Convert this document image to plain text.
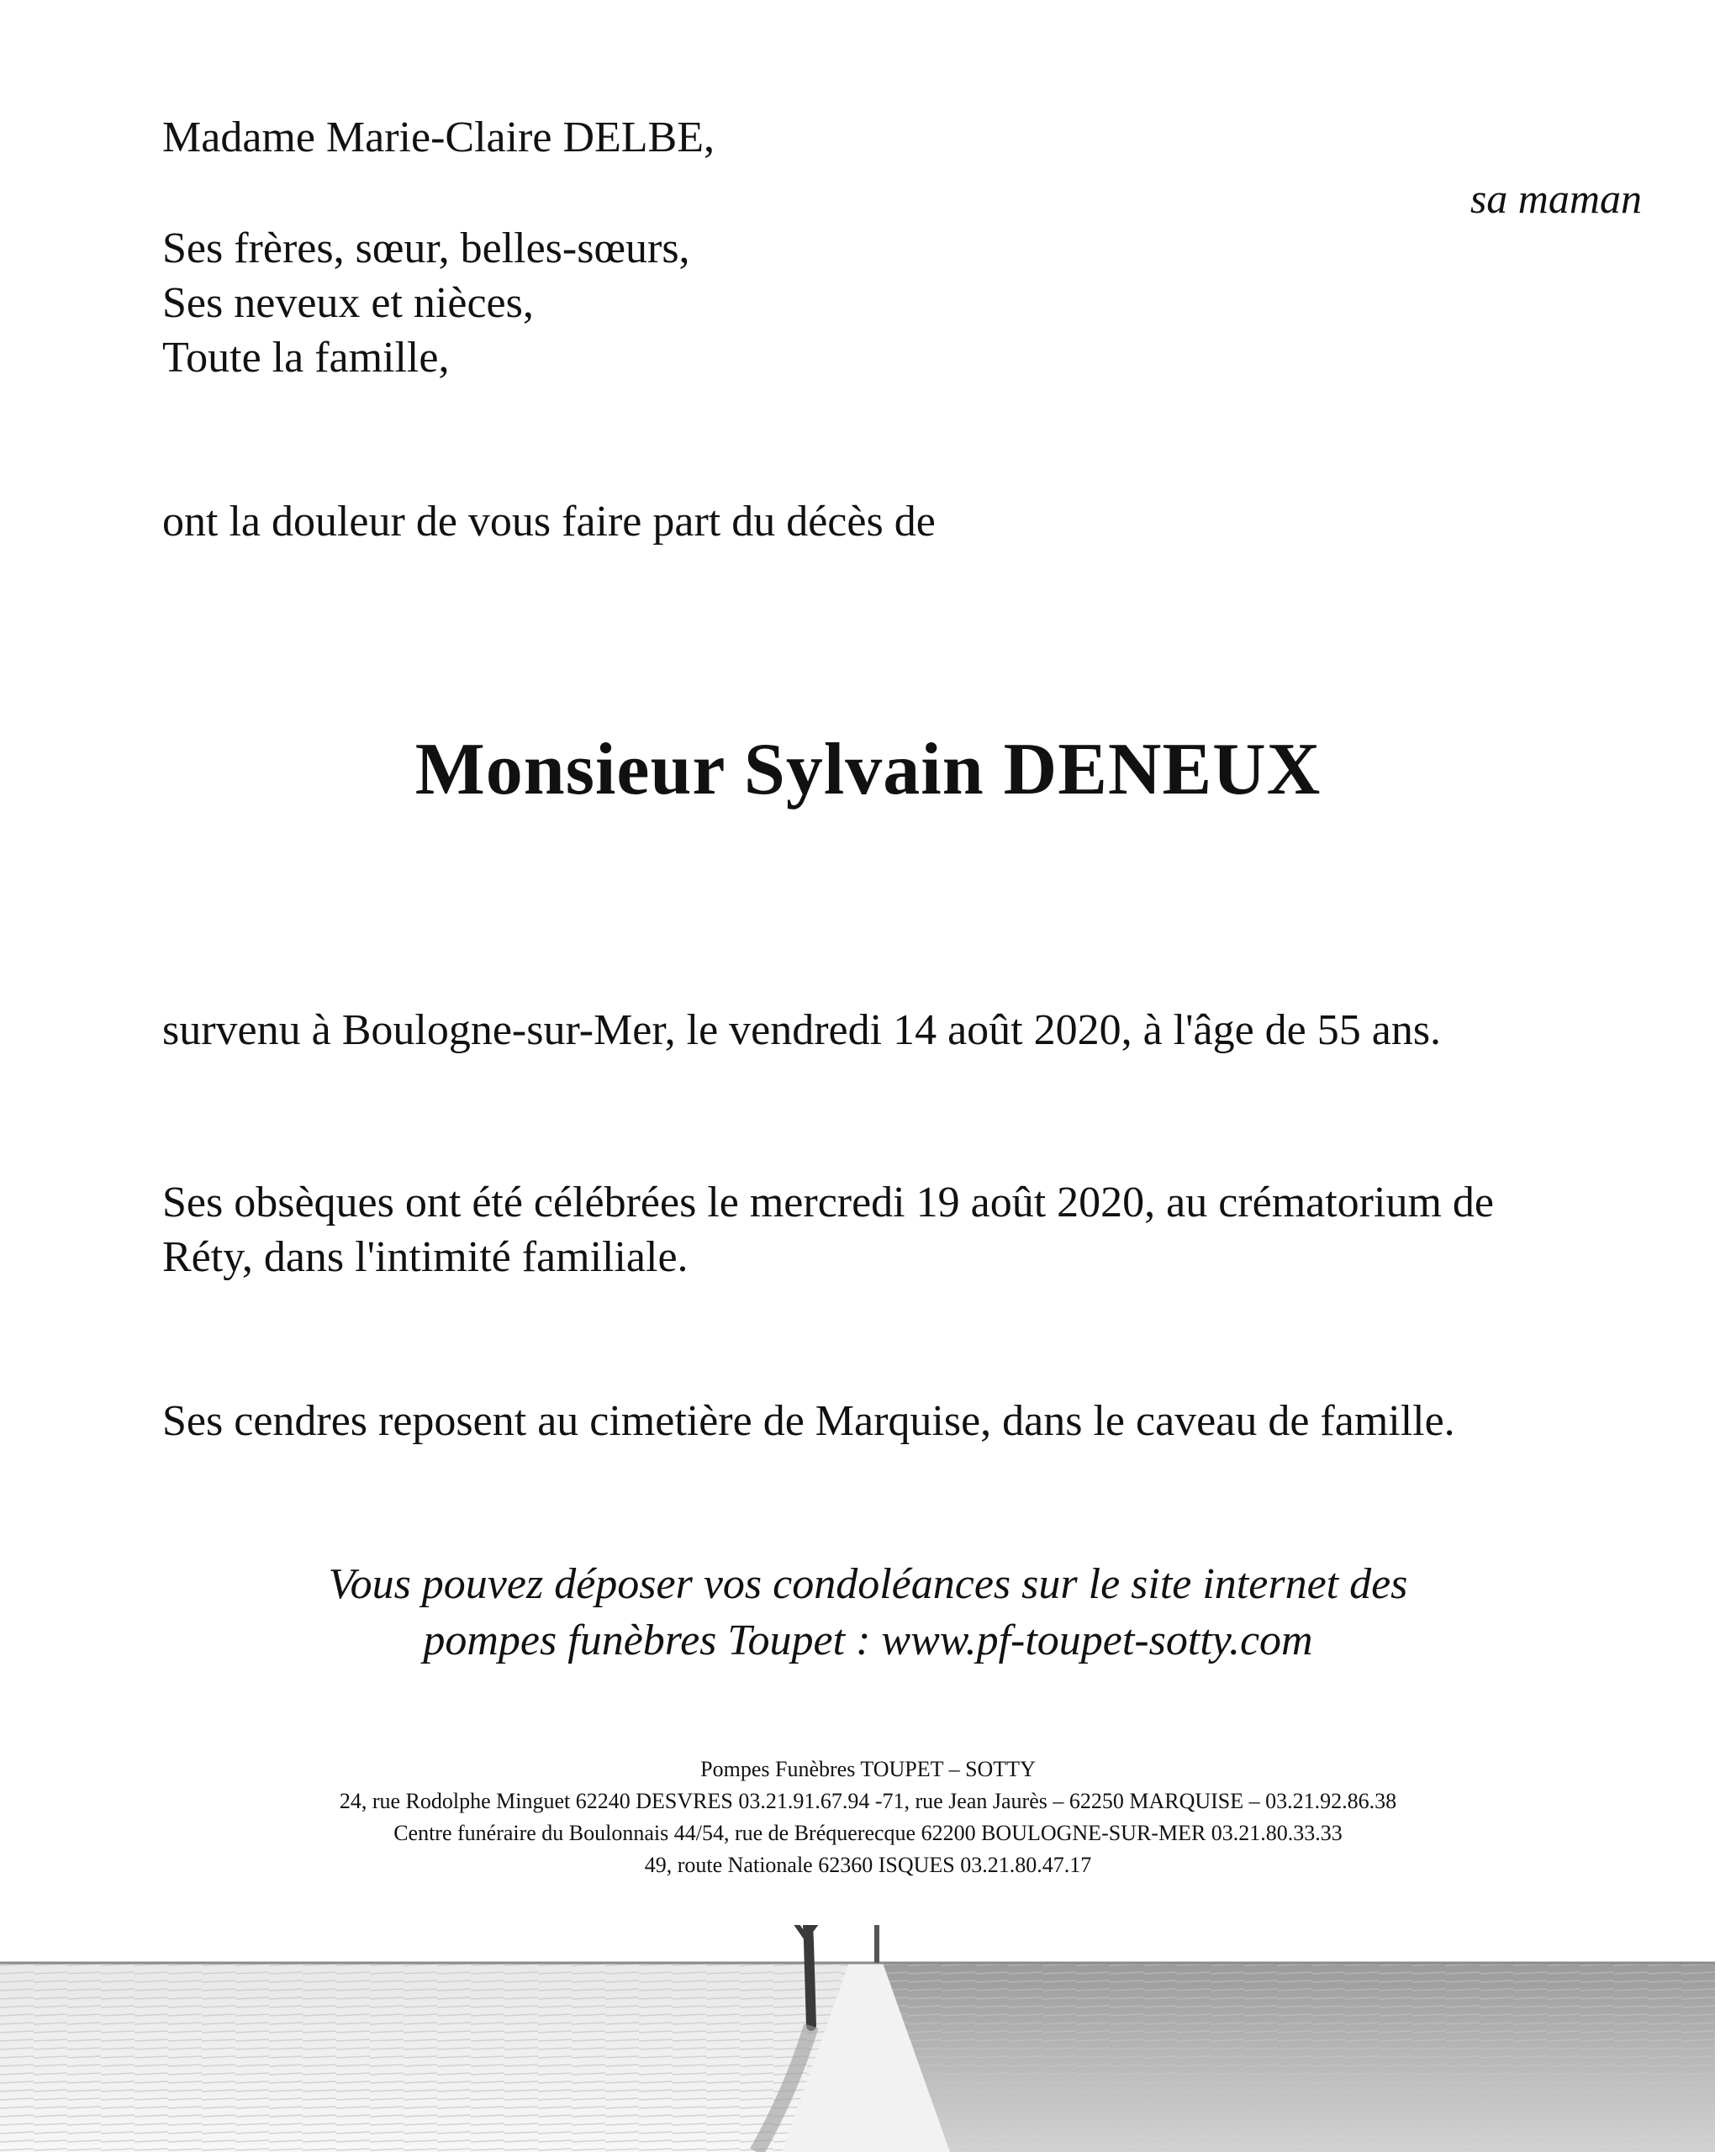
Madame Marie-Claire DELBE,

sa maman

Ses frères, sœur, belles-sœurs,

Ses neveux et nièces,

Toute la famille,

ont la douleur de vous faire part du décès de

Monsieur Sylvain DENEUX

survenu à Boulogne-sur-Mer, le vendredi 14 août 2020, à l'âge de 55 ans.

Ses obsèques ont été célébrées le mercredi 19 août 2020, au crématorium de

Réty, dans l'intimité familiale.

Ses cendres reposent au cimetière de Marquise, dans le caveau de famille.

Vous pouvez déposer vos condoléances sur le site internet des

pompes funèbres Toupet : www.pf-toupet-sotty.com

Pompes Funèbres TOUPET – SOTTY

24, rue Rodolphe Minguet 62240 DESVRES 03.21.91.67.94 -71, rue Jean Jaurès – 62250 MARQUISE – 03.21.92.86.38

Centre funéraire du Boulonnais 44/54, rue de Bréquerecque 62200 BOULOGNE-SUR-MER 03.21.80.33.33

49, route Nationale 62360 ISQUES 03.21.80.47.17
